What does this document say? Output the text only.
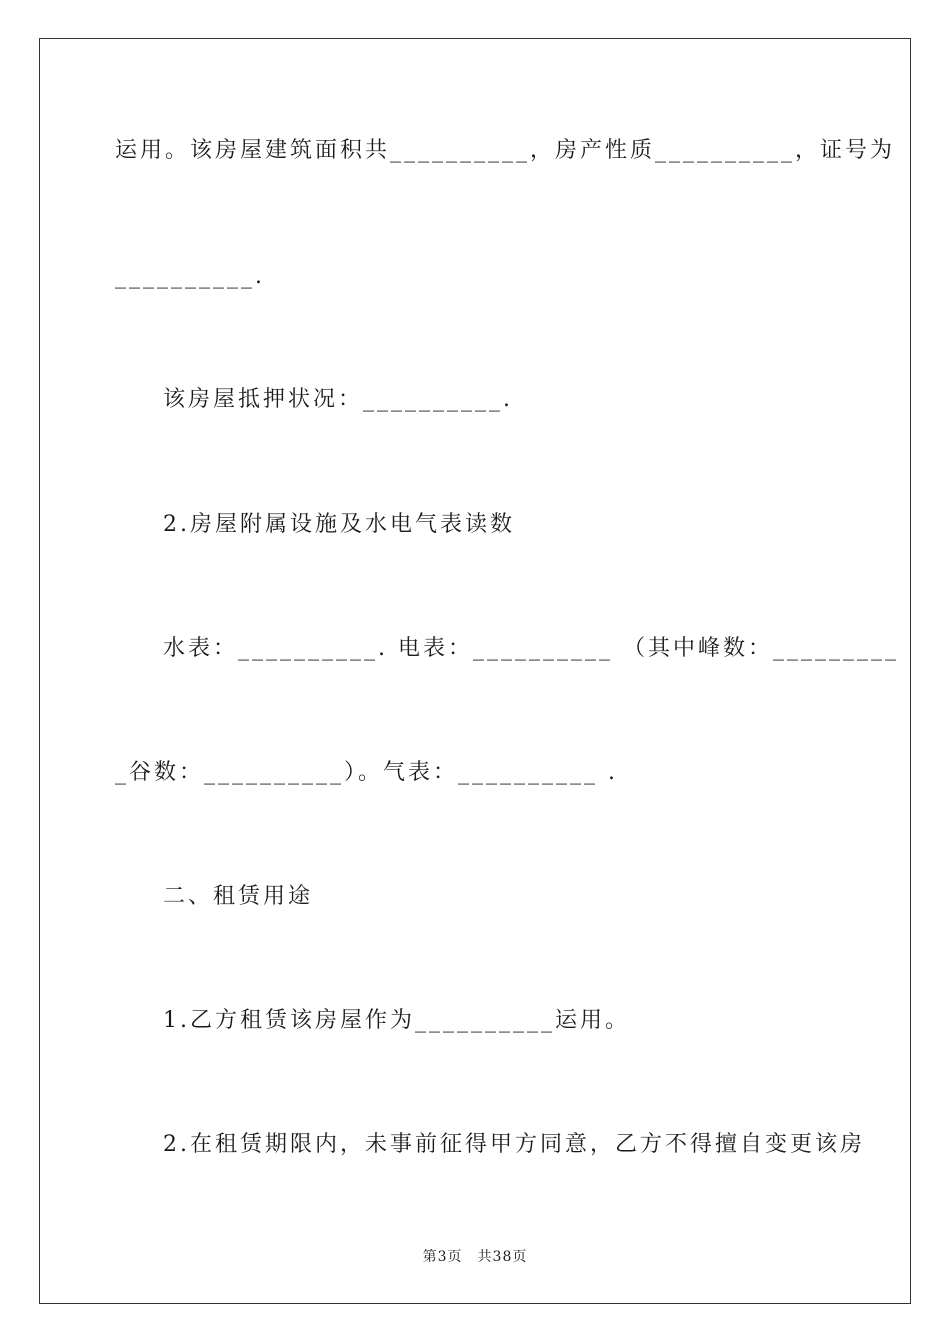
运用。该房屋建筑面积共__________，房产性质__________，证号为
__________.
该房屋抵押状况：__________.
2.房屋附属设施及水电气表读数
水表：__________. 电表：__________ （其中峰数：_________
_谷数：__________）。气表：__________ .
二、租赁用途
1.乙方租赁该房屋作为__________运用。
2.在租赁期限内，未事前征得甲方同意，乙方不得擅自变更该房
第3页　共38页
